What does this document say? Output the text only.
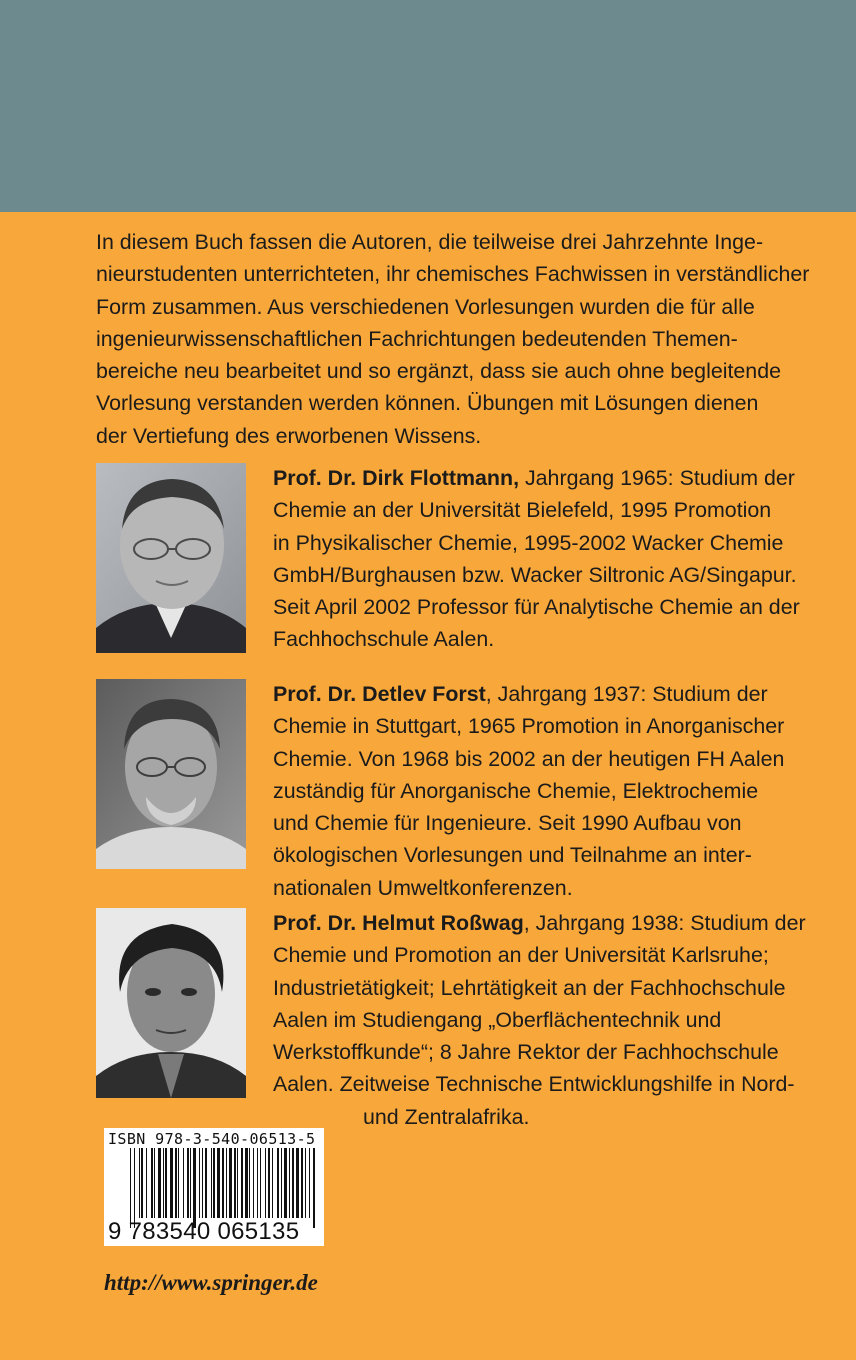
In diesem Buch fassen die Autoren, die teilweise drei Jahrzehnte Inge-
nieurstudenten unterrichteten, ihr chemisches Fachwissen in verständlicher
Form zusammen. Aus verschiedenen Vorlesungen wurden die für alle
ingenieurwissenschaftlichen Fachrichtungen bedeutenden Themen-
bereiche neu bearbeitet und so ergänzt, dass sie auch ohne begleitende
Vorlesung verstanden werden können. Übungen mit Lösungen dienen
der Vertiefung des erworbenen Wissens.
Prof. Dr. Dirk Flottmann, Jahrgang 1965: Studium der
Chemie an der Universität Bielefeld, 1995 Promotion
in Physikalischer Chemie, 1995-2002 Wacker Chemie
GmbH/Burghausen bzw. Wacker Siltronic AG/Singapur.
Seit April 2002 Professor für Analytische Chemie an der
Fachhochschule Aalen.
Prof. Dr. Detlev Forst, Jahrgang 1937: Studium der
Chemie in Stuttgart, 1965 Promotion in Anorganischer
Chemie. Von 1968 bis 2002 an der heutigen FH Aalen
zuständig für Anorganische Chemie, Elektrochemie
und Chemie für Ingenieure. Seit 1990 Aufbau von
ökologischen Vorlesungen und Teilnahme an inter-
nationalen Umweltkonferenzen.
Prof. Dr. Helmut Roßwag, Jahrgang 1938: Studium der
Chemie und Promotion an der Universität Karlsruhe;
Industrietätigkeit; Lehrtätigkeit an der Fachhochschule
Aalen im Studiengang „Oberflächentechnik und
Werkstoffkunde“; 8 Jahre Rektor der Fachhochschule
Aalen. Zeitweise Technische Entwicklungshilfe in Nord-
und Zentralafrika.
ISBN 978-3-540-06513-5
9 783540 065135
http://www.springer.de
